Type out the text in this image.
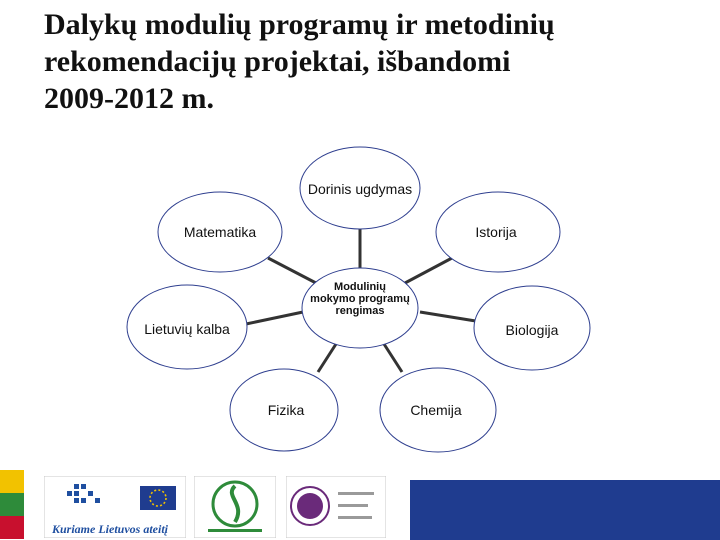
Dalykų modulių programų ir metodinių
rekomendacijų projektai, išbandomi
2009-2012 m.
Dorinis ugdymas
Matematika	Istorija
Lietuvių kalba	Biologija
Fizika	Chemija
Modulinių
mokymo programų
rengimas
Kuriame Lietuvos ateitį
